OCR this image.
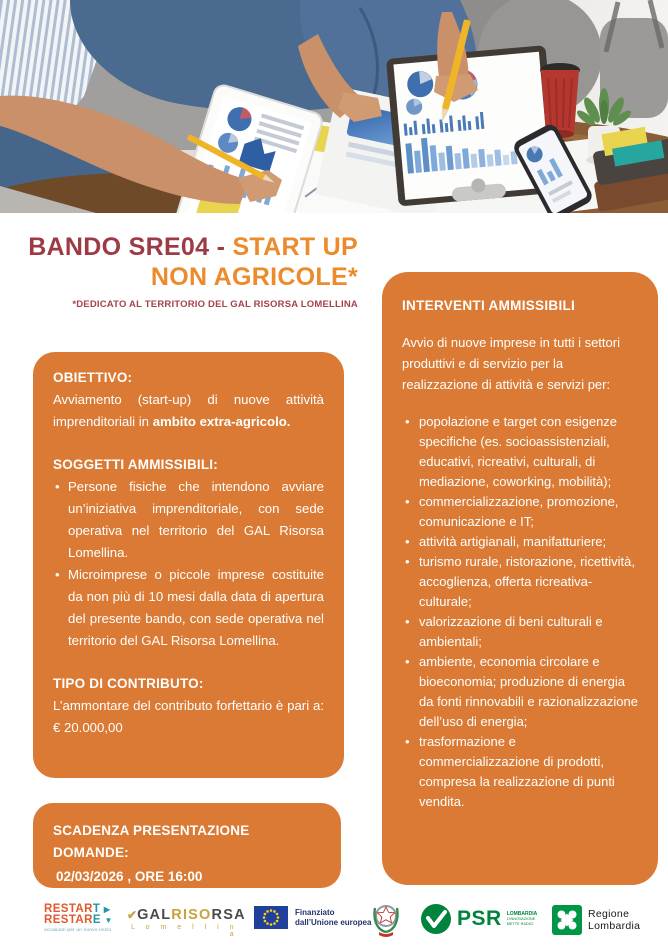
BANDO SRE04 - START UP
NON AGRICOLE*
*DEDICATO AL TERRITORIO DEL GAL RISORSA LOMELLINA
OBIETTIVO:

Avviamento (start-up) di nuove attività imprenditoriali in ambito extra-agricolo.

SOGGETTI AMMISSIBILI:
• Persone fisiche che intendono avviare un’iniziativa imprenditoriale, con sede operativa nel territorio del GAL Risorsa Lomellina.
• Microimprese o piccole imprese costituite da non più di 10 mesi dalla data di apertura del presente bando, con sede operativa nel territorio del GAL Risorsa Lomellina.
TIPO DI CONTRIBUTO:

L’ammontare del contributo forfettario è pari a: € 20.000,00

SCADENZA PRESENTAZIONE DOMANDE:
02/03/2026 , ORE 16:00
INTERVENTI AMMISSIBILI

Avvio di nuove imprese in tutti i settori produttivi e di servizio per la realizzazione di attività e servizi per:

• popolazione e target con esigenze specifiche (es. socioassistenziali, educativi, ricreativi, culturali, di mediazione, coworking, mobilità);
• commercializzazione, promozione, comunicazione e IT;
• attività artigianali, manifatturiere;
• turismo rurale, ristorazione, ricettività, accoglienza, offerta ricreativa-culturale;
• valorizzazione di beni culturali e ambientali;
• ambiente, economia circolare e bioeconomia; produzione di energia da fonti rinnovabili e razionalizzazione dell’uso di energia;
• trasformazione e commercializzazione di prodotti, compresa la realizzazione di punti vendita.
RESTART ▶
RESTARE ▼
occasioni per un nuovo inizio
✔GALRISORSA
L o m e l l i n a
Finanziato
dall’Unione europea	PSR LOMBARDIA
L’INNOVAZIONE
METTE RADICI
Regione
Lombardia
